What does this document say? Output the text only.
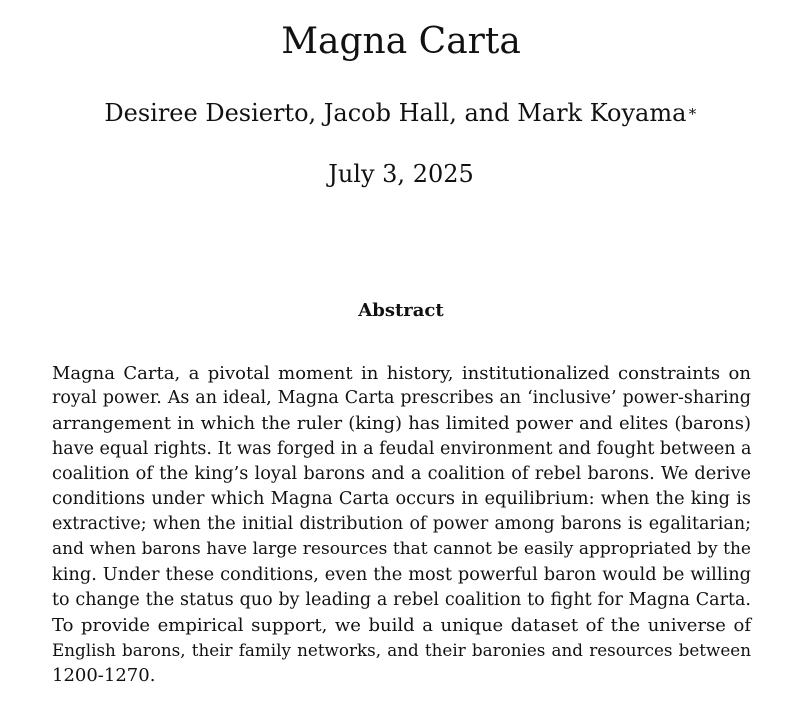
Magna Carta
Desiree Desierto, Jacob Hall, and Mark Koyama∗
July 3, 2025
Abstract
Magna Carta, a pivotal moment in history, institutionalized constraints on
royal power. As an ideal, Magna Carta prescribes an ‘inclusive’ power-sharing
arrangement in which the ruler (king) has limited power and elites (barons)
have equal rights. It was forged in a feudal environment and fought between a
coalition of the king’s loyal barons and a coalition of rebel barons. We derive
conditions under which Magna Carta occurs in equilibrium: when the king is
extractive; when the initial distribution of power among barons is egalitarian;
and when barons have large resources that cannot be easily appropriated by the
king. Under these conditions, even the most powerful baron would be willing
to change the status quo by leading a rebel coalition to fight for Magna Carta.
To provide empirical support, we build a unique dataset of the universe of
English barons, their family networks, and their baronies and resources between
1200-1270.
